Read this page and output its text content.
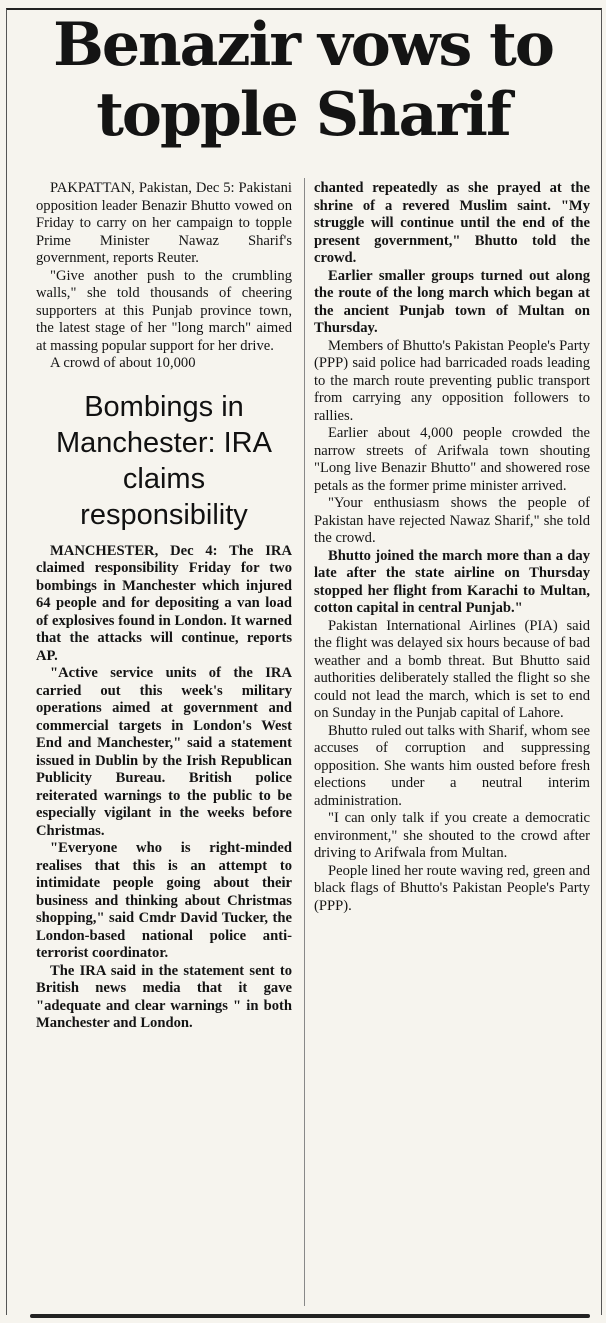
Benazir vows to topple Sharif

PAKPATTAN, Pakistan, Dec 5: Pakistani opposition leader Benazir Bhutto vowed on Friday to carry on her campaign to topple Prime Minister Nawaz Sharif's government, reports Reuter.

"Give another push to the crumbling walls," she told thousands of cheering supporters at this Punjab province town, the latest stage of her "long march" aimed at massing popular support for her drive.

A crowd of about 10,000

Bombings in Manchester: IRA claims responsibility

MANCHESTER, Dec 4: The IRA claimed responsibility Friday for two bombings in Manchester which injured 64 people and for depositing a van load of explosives found in London. It warned that the attacks will continue, reports AP.

"Active service units of the IRA carried out this week's military operations aimed at government and commercial targets in London's West End and Manchester," said a statement issued in Dublin by the Irish Republican Publicity Bureau. British police reiterated warnings to the public to be especially vigilant in the weeks before Christmas.

"Everyone who is right-minded realises that this is an attempt to intimidate people going about their business and thinking about Christmas shopping," said Cmdr David Tucker, the London-based national police anti-terrorist coordinator.

The IRA said in the statement sent to British news media that it gave "adequate and clear warnings " in both Manchester and London.

chanted repeatedly as she prayed at the shrine of a revered Muslim saint. "My struggle will continue until the end of the present government," Bhutto told the crowd.

Earlier smaller groups turned out along the route of the long march which began at the ancient Punjab town of Multan on Thursday.

Members of Bhutto's Pakistan People's Party (PPP) said police had barricaded roads leading to the march route preventing public transport from carrying any opposition followers to rallies.

Earlier about 4,000 people crowded the narrow streets of Arifwala town shouting "Long live Benazir Bhutto" and showered rose petals as the former prime minister arrived.

"Your enthusiasm shows the people of Pakistan have rejected Nawaz Sharif," she told the crowd.

Bhutto joined the march more than a day late after the state airline on Thursday stopped her flight from Karachi to Multan, cotton capital in central Punjab."

Pakistan International Airlines (PIA) said the flight was delayed six hours because of bad weather and a bomb threat. But Bhutto said authorities deliberately stalled the flight so she could not lead the march, which is set to end on Sunday in the Punjab capital of Lahore.

Bhutto ruled out talks with Sharif, whom see accuses of corruption and suppressing opposition. She wants him ousted before fresh elections under a neutral interim administration.

"I can only talk if you create a democratic environment," she shouted to the crowd after driving to Arifwala from Multan.

People lined her route waving red, green and black flags of Bhutto's Pakistan People's Party (PPP).
